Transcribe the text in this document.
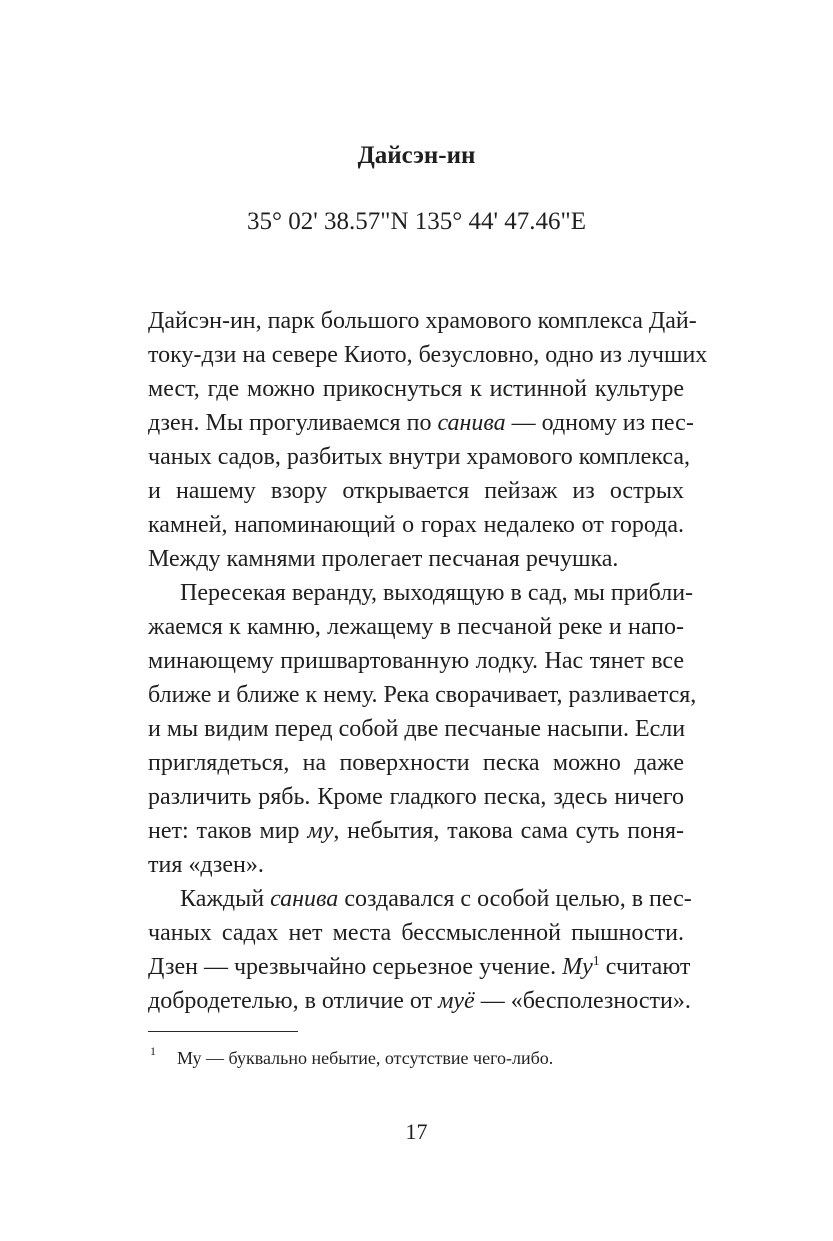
Дайсэн-ин
35° 02' 38.57"N 135° 44' 47.46"E
Дайсэн-ин, парк большого храмового комплекса Дай-
току-дзи на севере Киото, безусловно, одно из лучших
мест, где можно прикоснуться к истинной культуре
дзен. Мы прогуливаемся по санива — одному из пес-
чаных садов, разбитых внутри храмового комплекса,
и нашему взору открывается пейзаж из острых
камней, напоминающий о горах недалеко от города.
Между камнями пролегает песчаная речушка.
Пересекая веранду, выходящую в сад, мы прибли-
жаемся к камню, лежащему в песчаной реке и напо-
минающему пришвартованную лодку. Нас тянет все
ближе и ближе к нему. Река сворачивает, разливается,
и мы видим перед собой две песчаные насыпи. Если
приглядеться, на поверхности песка можно даже
различить рябь. Кроме гладкого песка, здесь ничего
нет: таков мир му, небытия, такова сама суть поня-
тия «дзен».
Каждый санива создавался с особой целью, в пес-
чаных садах нет места бессмысленной пышности.
Дзен — чрезвычайно серьезное учение. $Му^1$ считают
добродетелью, в отличие от муё — «бесполезности».
1 Му — буквально небытие, отсутствие чего-либо.
17
